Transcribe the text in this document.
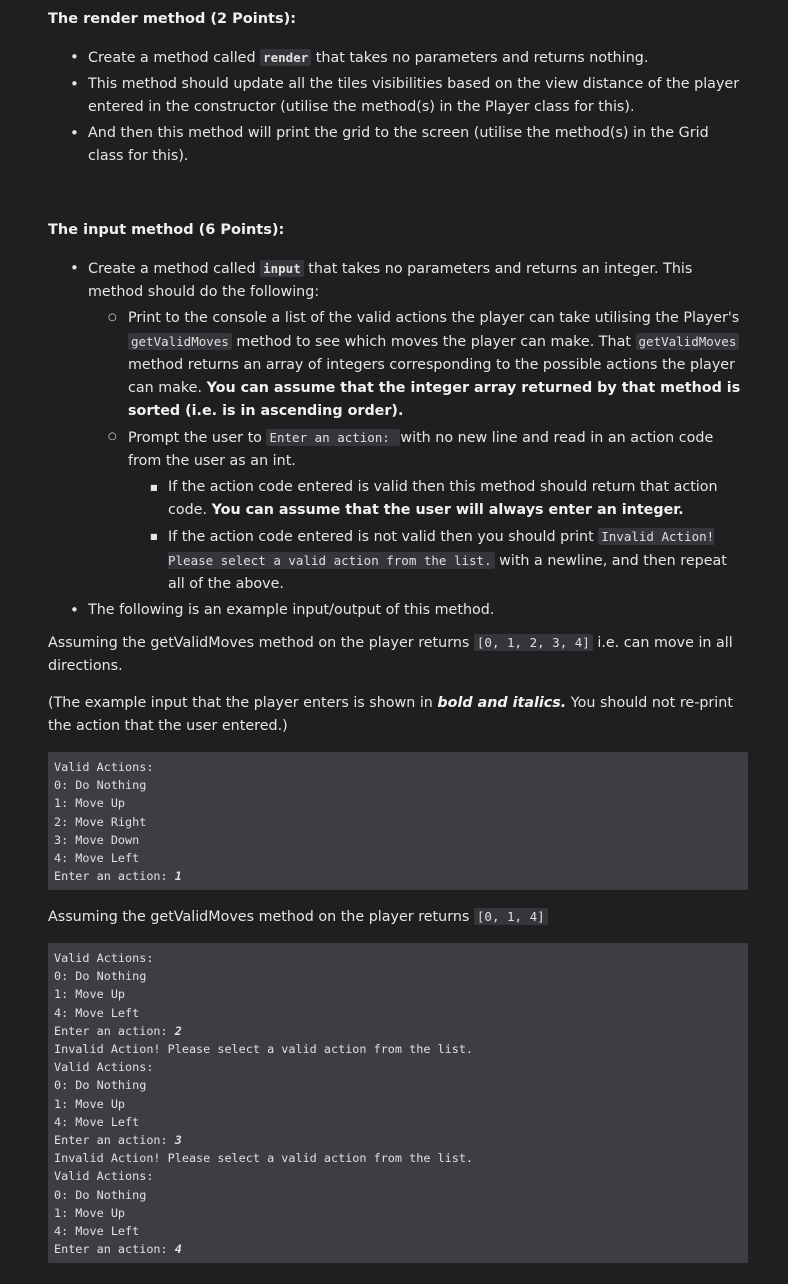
The render method (2 Points):
• Create a method called render that takes no parameters and returns nothing.
• This method should update all the tiles visibilities based on the view distance of the player entered in the constructor (utilise the method(s) in the Player class for this).
• And then this method will print the grid to the screen (utilise the method(s) in the Grid class for this).
The input method (6 Points):
• Create a method called input that takes no parameters and returns an integer. This method should do the following:
○ Print to the console a list of the valid actions the player can take utilising the Player's getValidMoves method to see which moves the player can make. That getValidMoves method returns an array of integers corresponding to the possible actions the player can make. You can assume that the integer array returned by that method is sorted (i.e. is in ascending order).
○ Prompt the user to Enter an action: with no new line and read in an action code from the user as an int.
■ If the action code entered is valid then this method should return that action code. You can assume that the user will always enter an integer.
■ If the action code entered is not valid then you should print Invalid Action! Please select a valid action from the list. with a newline, and then repeat all of the above.
• The following is an example input/output of this method.

Assuming the getValidMoves method on the player returns [0, 1, 2, 3, 4] i.e. can move in all directions.

(The example input that the player enters is shown in bold and italics. You should not re-print the action that the user entered.)

Valid Actions:
0: Do Nothing
1: Move Up
2: Move Right
3: Move Down
4: Move Left
Enter an action: 1

Assuming the getValidMoves method on the player returns [0, 1, 4]

Valid Actions:
0: Do Nothing
1: Move Up
4: Move Left
Enter an action: 2
Invalid Action! Please select a valid action from the list.
Valid Actions:
0: Do Nothing
1: Move Up
4: Move Left
Enter an action: 3
Invalid Action! Please select a valid action from the list.
Valid Actions:
0: Do Nothing
1: Move Up
4: Move Left
Enter an action: 4
